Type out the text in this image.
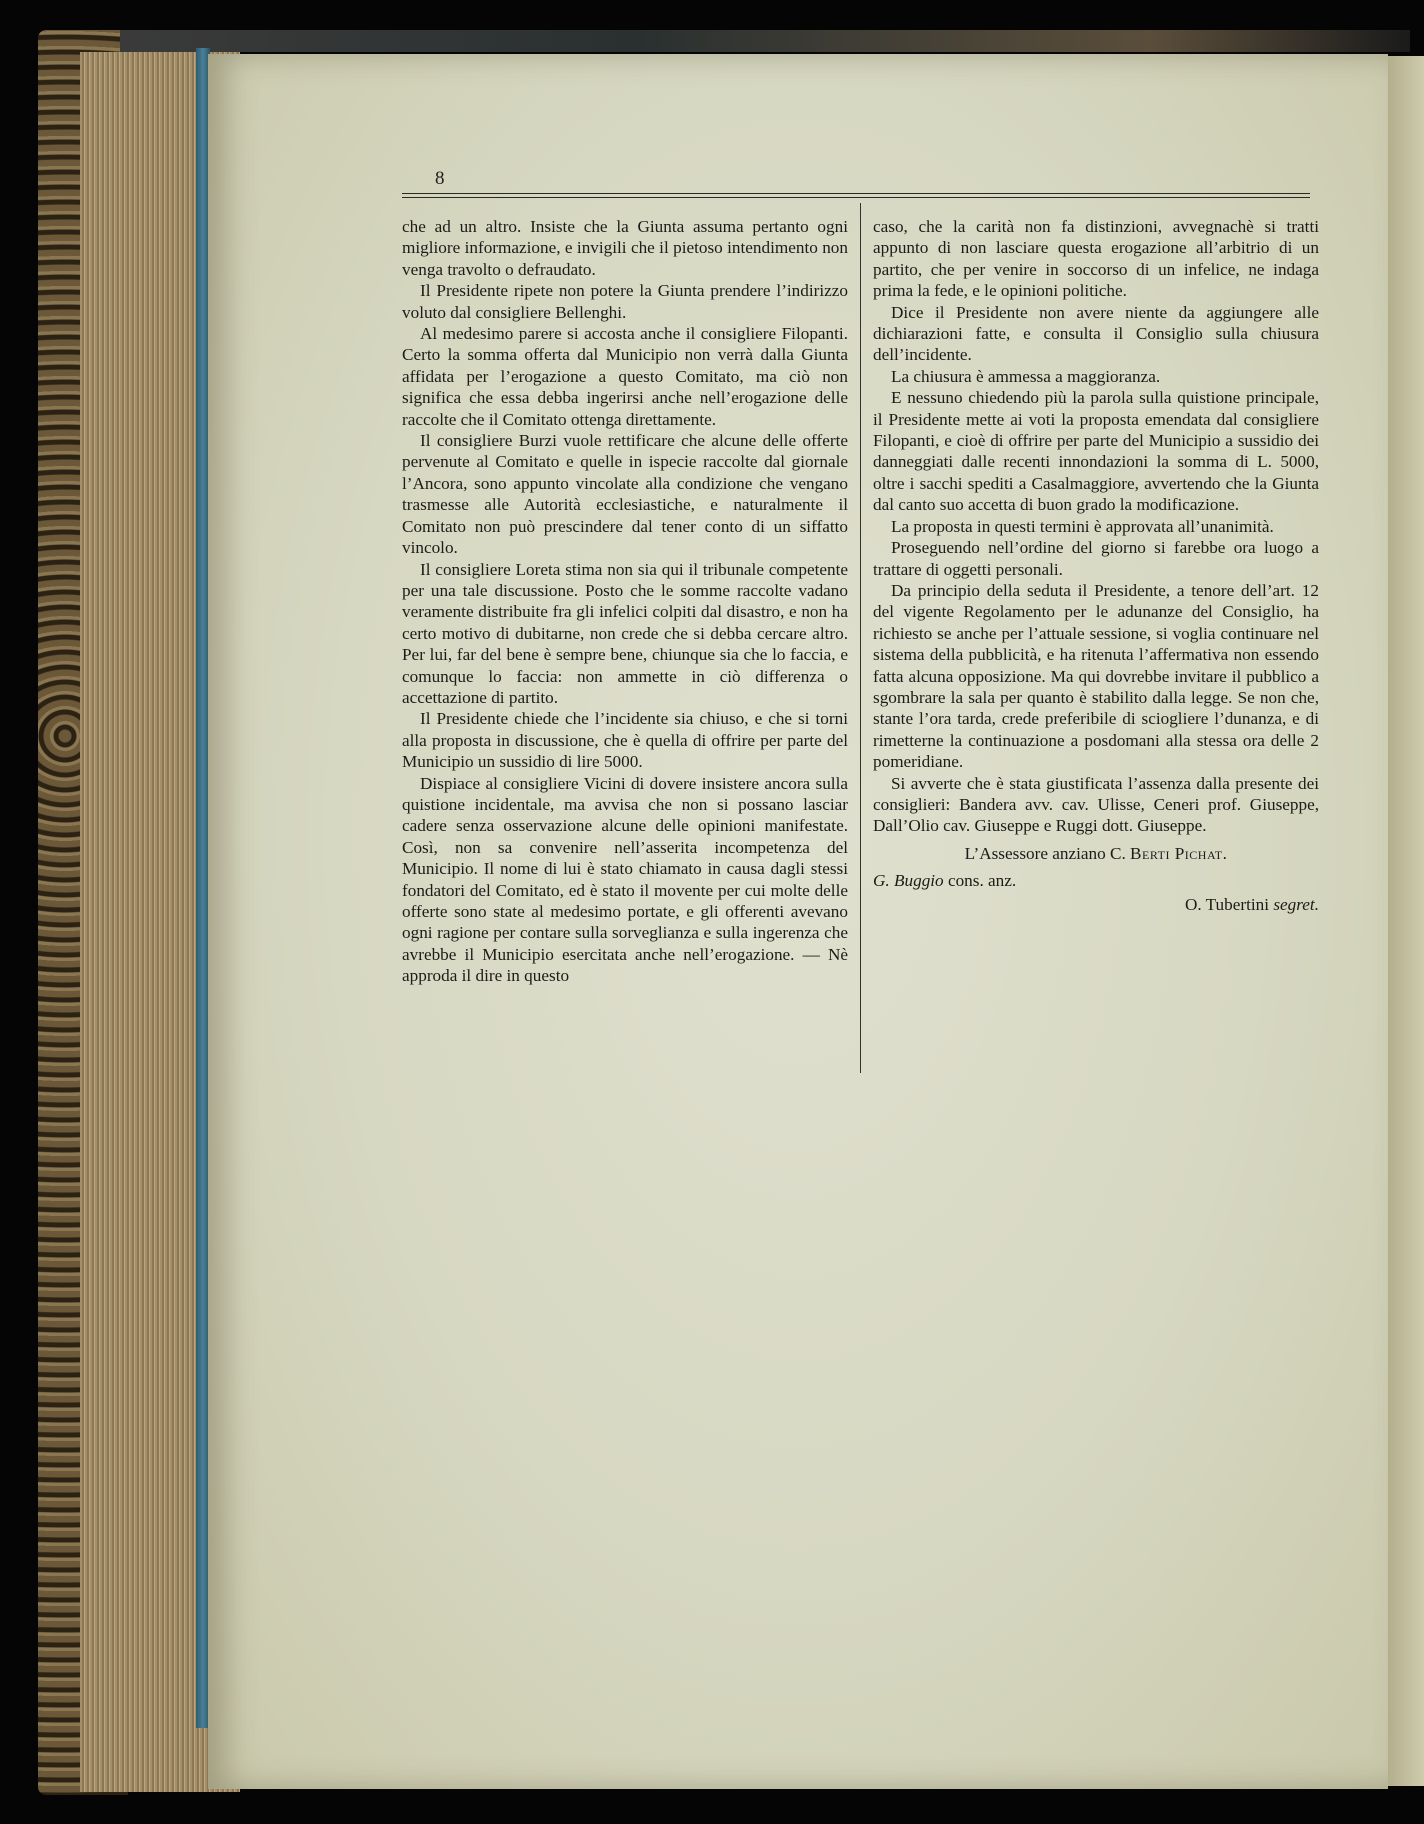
8

che ad un altro. Insiste che la Giunta assuma pertanto ogni migliore informazione, e invigili che il pietoso intendimento non venga travolto o defraudato.

Il Presidente ripete non potere la Giunta prendere l’indirizzo voluto dal consigliere Bellenghi.

Al medesimo parere si accosta anche il consigliere Filopanti. Certo la somma offerta dal Municipio non verrà dalla Giunta affidata per l’erogazione a questo Comitato, ma ciò non significa che essa debba ingerirsi anche nell’erogazione delle raccolte che il Comitato ottenga direttamente.

Il consigliere Burzi vuole rettificare che alcune delle offerte pervenute al Comitato e quelle in ispecie raccolte dal giornale l’Ancora, sono appunto vincolate alla condizione che vengano trasmesse alle Autorità ecclesiastiche, e naturalmente il Comitato non può prescindere dal tener conto di un siffatto vincolo.

Il consigliere Loreta stima non sia qui il tribunale competente per una tale discussione. Posto che le somme raccolte vadano veramente distribuite fra gli infelici colpiti dal disastro, e non ha certo motivo di dubitarne, non crede che si debba cercare altro. Per lui, far del bene è sempre bene, chiunque sia che lo faccia, e comunque lo faccia: non ammette in ciò differenza o accettazione di partito.

Il Presidente chiede che l’incidente sia chiuso, e che si torni alla proposta in discussione, che è quella di offrire per parte del Municipio un sussidio di lire 5000.

Dispiace al consigliere Vicini di dovere insistere ancora sulla quistione incidentale, ma avvisa che non si possano lasciar cadere senza osservazione alcune delle opinioni manifestate. Così, non sa convenire nell’asserita incompetenza del Municipio. Il nome di lui è stato chiamato in causa dagli stessi fondatori del Comitato, ed è stato il movente per cui molte delle offerte sono state al medesimo portate, e gli offerenti avevano ogni ragione per contare sulla sorveglianza e sulla ingerenza che avrebbe il Municipio esercitata anche nell’erogazione. — Nè approda il dire in questo

caso, che la carità non fa distinzioni, avvegnachè si tratti appunto di non lasciare questa erogazione all’arbitrio di un partito, che per venire in soccorso di un infelice, ne indaga prima la fede, e le opinioni politiche.

Dice il Presidente non avere niente da aggiungere alle dichiarazioni fatte, e consulta il Consiglio sulla chiusura dell’incidente.

La chiusura è ammessa a maggioranza.

E nessuno chiedendo più la parola sulla quistione principale, il Presidente mette ai voti la proposta emendata dal consigliere Filopanti, e cioè di offrire per parte del Municipio a sussidio dei danneggiati dalle recenti innondazioni la somma di L. 5000, oltre i sacchi spediti a Casalmaggiore, avvertendo che la Giunta dal canto suo accetta di buon grado la modificazione.

La proposta in questi termini è approvata all’unanimità.

Proseguendo nell’ordine del giorno si farebbe ora luogo a trattare di oggetti personali.

Da principio della seduta il Presidente, a tenore dell’art. 12 del vigente Regolamento per le adunanze del Consiglio, ha richiesto se anche per l’attuale sessione, si voglia continuare nel sistema della pubblicità, e ha ritenuta l’affermativa non essendo fatta alcuna opposizione. Ma qui dovrebbe invitare il pubblico a sgombrare la sala per quanto è stabilito dalla legge. Se non che, stante l’ora tarda, crede preferibile di sciogliere l’dunanza, e di rimetterne la continuazione a posdomani alla stessa ora delle 2 pomeridiane.

Si avverte che è stata giustificata l’assenza dalla presente dei consiglieri: Bandera avv. cav. Ulisse, Ceneri prof. Giuseppe, Dall’Olio cav. Giuseppe e Ruggi dott. Giuseppe.

L’Assessore anziano C. Berti Pichat.
G. Buggio cons. anz.
O. Tubertini segret.
